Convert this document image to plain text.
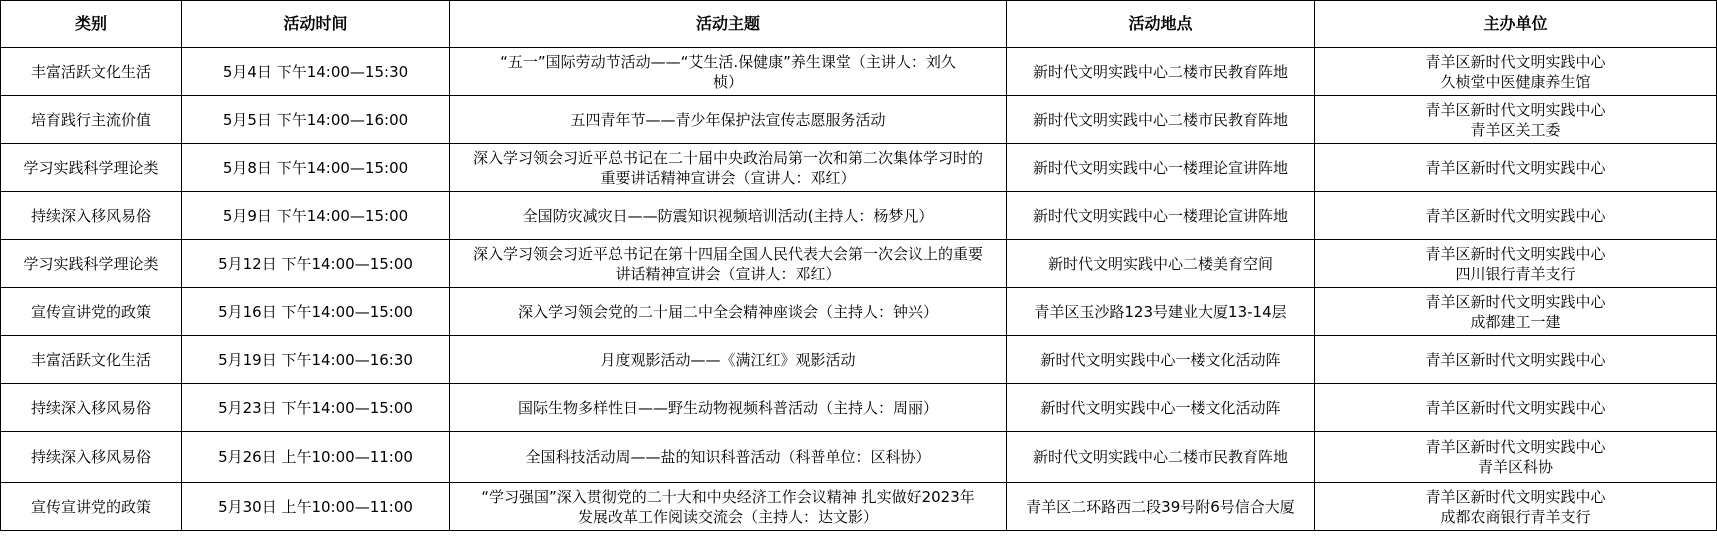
类别	活动时间	活动主题	活动地点	主办单位
丰富活跃文化生活	5月4日 下午14:00—15:30	“五一”国际劳动节活动——“艾生活.保健康”养生课堂（主讲人：刘久
桢）	新时代文明实践中心二楼市民教育阵地	青羊区新时代文明实践中心
久桢堂中医健康养生馆

培育践行主流价值	5月5日 下午14:00—16:00	五四青年节——青少年保护法宣传志愿服务活动	新时代文明实践中心二楼市民教育阵地	青羊区新时代文明实践中心
青羊区关工委

学习实践科学理论类	5月8日 下午14:00—15:00	深入学习领会习近平总书记在二十届中央政治局第一次和第二次集体学习时的
重要讲话精神宣讲会（宣讲人：邓红）	新时代文明实践中心一楼理论宣讲阵地	青羊区新时代文明实践中心

持续深入移风易俗	5月9日 下午14:00—15:00	全国防灾减灾日——防震知识视频培训活动(主持人：杨梦凡）	新时代文明实践中心一楼理论宣讲阵地	青羊区新时代文明实践中心

学习实践科学理论类	5月12日 下午14:00—15:00	深入学习领会习近平总书记在第十四届全国人民代表大会第一次会议上的重要
讲话精神宣讲会（宣讲人：邓红）	新时代文明实践中心二楼美育空间	青羊区新时代文明实践中心
四川银行青羊支行

宣传宣讲党的政策	5月16日 下午14:00—15:00	深入学习领会党的二十届二中全会精神座谈会（主持人：钟兴）	青羊区玉沙路123号建业大厦13-14层	青羊区新时代文明实践中心
成都建工一建

丰富活跃文化生活	5月19日 下午14:00—16:30	月度观影活动——《满江红》观影活动	新时代文明实践中心一楼文化活动阵	青羊区新时代文明实践中心

持续深入移风易俗	5月23日 下午14:00—15:00	国际生物多样性日——野生动物视频科普活动（主持人：周丽）	新时代文明实践中心一楼文化活动阵	青羊区新时代文明实践中心

持续深入移风易俗	5月26日 上午10:00—11:00	全国科技活动周——盐的知识科普活动（科普单位：区科协）	新时代文明实践中心二楼市民教育阵地	青羊区新时代文明实践中心
青羊区科协

宣传宣讲党的政策	5月30日 上午10:00—11:00	“学习强国”深入贯彻党的二十大和中央经济工作会议精神 扎实做好2023年
发展改革工作阅读交流会（主持人：达文影）	青羊区二环路西二段39号附6号信合大厦	青羊区新时代文明实践中心
成都农商银行青羊支行
